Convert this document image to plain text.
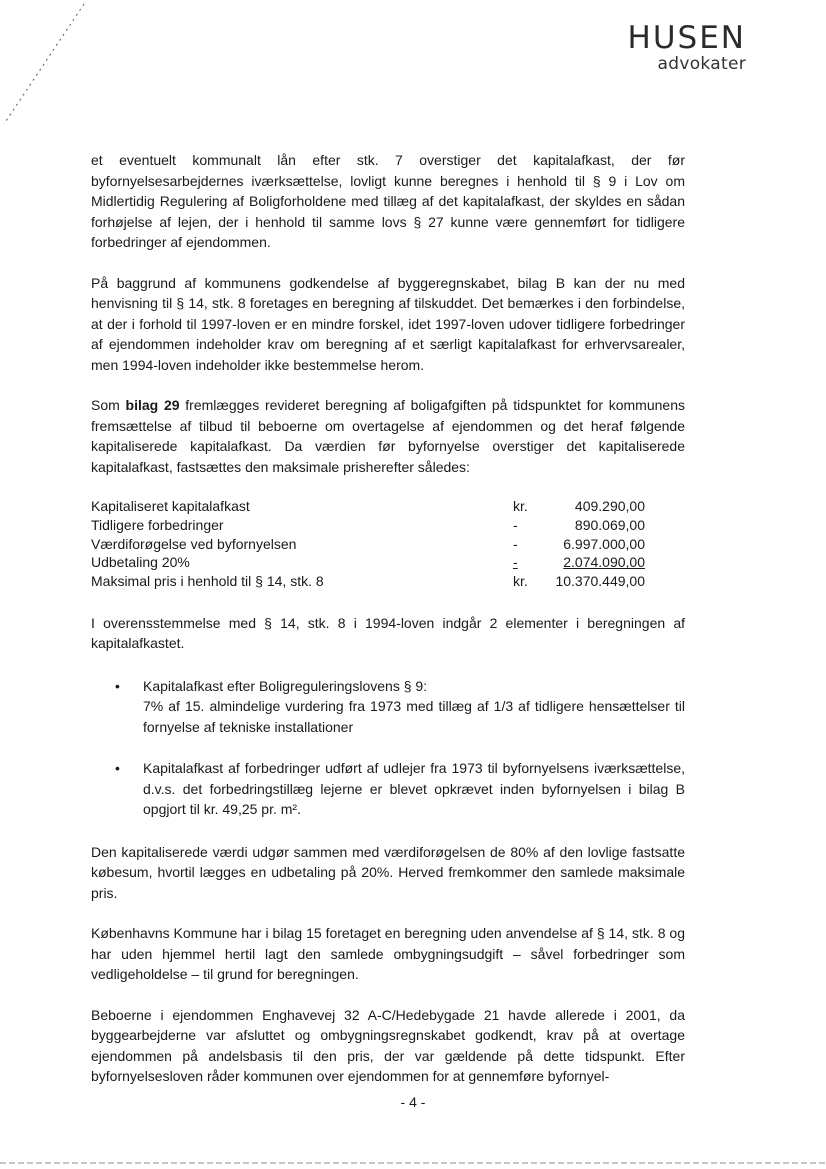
HUSEN
advokater

et eventuelt kommunalt lån efter stk. 7 overstiger det kapitalafkast, der før byfornyelsesarbejdernes iværksættelse, lovligt kunne beregnes i henhold til § 9 i Lov om Midlertidig Regulering af Boligforholdene med tillæg af det kapitalafkast, der skyldes en sådan forhøjelse af lejen, der i henhold til samme lovs § 27 kunne være gennemført for tidligere forbedringer af ejendommen.

På baggrund af kommunens godkendelse af byggeregnskabet, bilag B kan der nu med henvisning til § 14, stk. 8 foretages en beregning af tilskuddet. Det bemærkes i den forbindelse, at der i forhold til 1997-loven er en mindre forskel, idet 1997-loven udover tidligere forbedringer af ejendommen indeholder krav om beregning af et særligt kapitalafkast for erhvervsarealer, men 1994-loven indeholder ikke bestemmelse herom.

Som bilag 29 fremlægges revideret beregning af boligafgiften på tidspunktet for kommunens fremsættelse af tilbud til beboerne om overtagelse af ejendommen og det heraf følgende kapitaliserede kapitalafkast. Da værdien før byfornyelse overstiger det kapitaliserede kapitalafkast, fastsættes den maksimale prisherefter således:

Kapitaliseret kapitalafkast	kr.	409.290,00
Tidligere forbedringer	-	890.069,00
Værdiforøgelse ved byfornyelsen	-	6.997.000,00
Udbetaling 20%	-	2.074.090,00
Maksimal pris i henhold til § 14, stk. 8	kr.	10.370.449,00

I overensstemmelse med § 14, stk. 8 i 1994-loven indgår 2 elementer i beregningen af kapitalafkastet.

• Kapitalafkast efter Boligreguleringslovens § 9:
7% af 15. almindelige vurdering fra 1973 med tillæg af 1/3 af tidligere hensættelser til fornyelse af tekniske installationer
• Kapitalafkast af forbedringer udført af udlejer fra 1973 til byfornyelsens iværksættelse, d.v.s. det forbedringstillæg lejerne er blevet opkrævet inden byfornyelsen i bilag B opgjort til kr. 49,25 pr. m².

Den kapitaliserede værdi udgør sammen med værdiforøgelsen de 80% af den lovlige fastsatte købesum, hvortil lægges en udbetaling på 20%. Herved fremkommer den samlede maksimale pris.

Københavns Kommune har i bilag 15 foretaget en beregning uden anvendelse af § 14, stk. 8 og har uden hjemmel hertil lagt den samlede ombygningsudgift – såvel forbedringer som vedligeholdelse – til grund for beregningen.

Beboerne i ejendommen Enghavevej 32 A-C/Hedebygade 21 havde allerede i 2001, da byggearbejderne var afsluttet og ombygningsregnskabet godkendt, krav på at overtage ejendommen på andelsbasis til den pris, der var gældende på dette tidspunkt. Efter byfornyelsesloven råder kommunen over ejendommen for at gennemføre byfornyel-

- 4 -
